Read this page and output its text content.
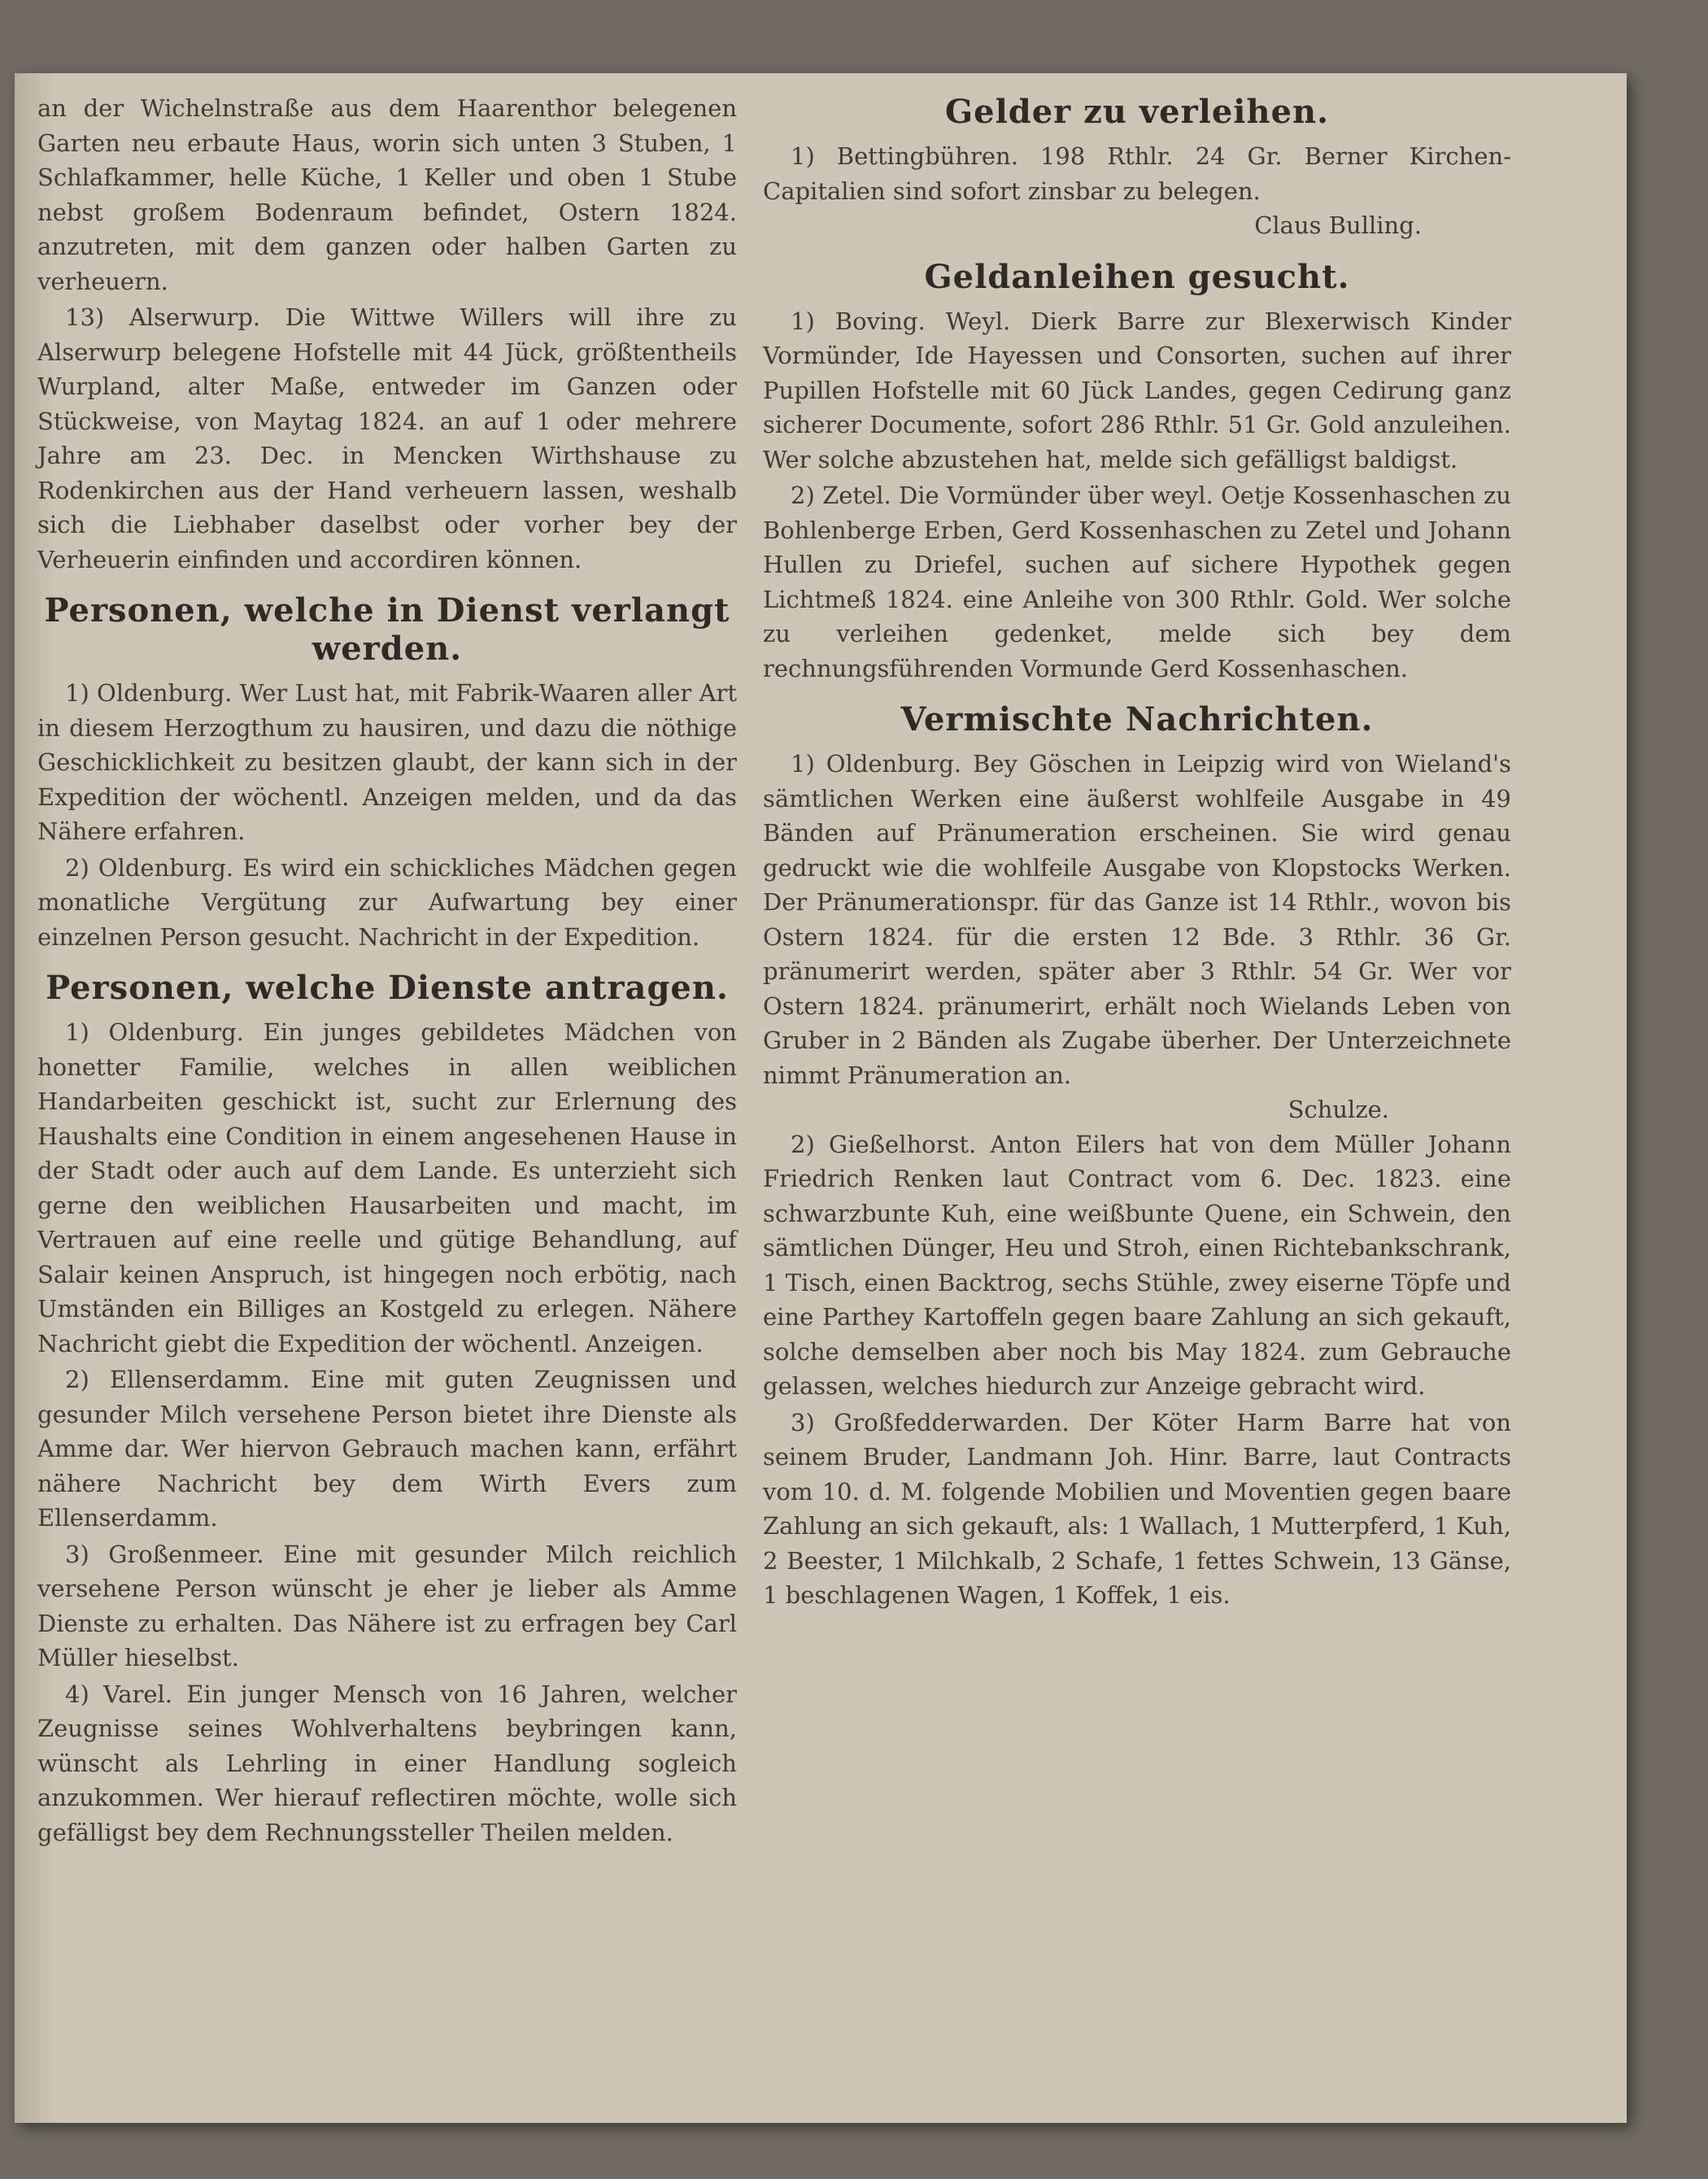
an der Wichelnstraße aus dem Haarenthor belegenen Garten neu erbaute Haus, worin sich unten 3 Stuben, 1 Schlafkammer, helle Küche, 1 Keller und oben 1 Stube nebst großem Bodenraum befindet, Ostern 1824. anzutreten, mit dem ganzen oder halben Garten zu verheuern.

13) Alserwurp. Die Wittwe Willers will ihre zu Alserwurp belegene Hofstelle mit 44 Jück, größtentheils Wurpland, alter Maße, entweder im Ganzen oder Stückweise, von Maytag 1824. an auf 1 oder mehrere Jahre am 23. Dec. in Mencken Wirthshause zu Rodenkirchen aus der Hand verheuern lassen, weshalb sich die Liebhaber daselbst oder vorher bey der Verheuerin einfinden und accordiren können.

Personen, welche in Dienst verlangt werden.

1) Oldenburg. Wer Lust hat, mit Fabrik-Waaren aller Art in diesem Herzogthum zu hausiren, und dazu die nöthige Geschicklichkeit zu besitzen glaubt, der kann sich in der Expedition der wöchentl. Anzeigen melden, und da das Nähere erfahren.

2) Oldenburg. Es wird ein schickliches Mädchen gegen monatliche Vergütung zur Aufwartung bey einer einzelnen Person gesucht. Nachricht in der Expedition.

Personen, welche Dienste antragen.

1) Oldenburg. Ein junges gebildetes Mädchen von honetter Familie, welches in allen weiblichen Handarbeiten geschickt ist, sucht zur Erlernung des Haushalts eine Condition in einem angesehenen Hause in der Stadt oder auch auf dem Lande. Es unterzieht sich gerne den weiblichen Hausarbeiten und macht, im Vertrauen auf eine reelle und gütige Behandlung, auf Salair keinen Anspruch, ist hingegen noch erbötig, nach Umständen ein Billiges an Kostgeld zu erlegen. Nähere Nachricht giebt die Expedition der wöchentl. Anzeigen.

2) Ellenserdamm. Eine mit guten Zeugnissen und gesunder Milch versehene Person bietet ihre Dienste als Amme dar. Wer hiervon Gebrauch machen kann, erfährt nähere Nachricht bey dem Wirth Evers zum Ellenserdamm.

3) Großenmeer. Eine mit gesunder Milch reichlich versehene Person wünscht je eher je lieber als Amme Dienste zu erhalten. Das Nähere ist zu erfragen bey Carl Müller hieselbst.

4) Varel. Ein junger Mensch von 16 Jahren, welcher Zeugnisse seines Wohlverhaltens beybringen kann, wünscht als Lehrling in einer Handlung sogleich anzukommen. Wer hierauf reflectiren möchte, wolle sich gefälligst bey dem Rechnungssteller Theilen melden.

Gelder zu verleihen.

1) Bettingbühren. 198 Rthlr. 24 Gr. Berner Kirchen-Capitalien sind sofort zinsbar zu belegen.

Claus Bulling.

Geldanleihen gesucht.

1) Boving. Weyl. Dierk Barre zur Blexerwisch Kinder Vormünder, Ide Hayessen und Consorten, suchen auf ihrer Pupillen Hofstelle mit 60 Jück Landes, gegen Cedirung ganz sicherer Documente, sofort 286 Rthlr. 51 Gr. Gold anzuleihen. Wer solche abzustehen hat, melde sich gefälligst baldigst.

2) Zetel. Die Vormünder über weyl. Oetje Kossenhaschen zu Bohlenberge Erben, Gerd Kossenhaschen zu Zetel und Johann Hullen zu Driefel, suchen auf sichere Hypothek gegen Lichtmeß 1824. eine Anleihe von 300 Rthlr. Gold. Wer solche zu verleihen gedenket, melde sich bey dem rechnungsführenden Vormunde Gerd Kossenhaschen.

Vermischte Nachrichten.

1) Oldenburg. Bey Göschen in Leipzig wird von Wieland's sämtlichen Werken eine äußerst wohlfeile Ausgabe in 49 Bänden auf Pränumeration erscheinen. Sie wird genau gedruckt wie die wohlfeile Ausgabe von Klopstocks Werken. Der Pränumerationspr. für das Ganze ist 14 Rthlr., wovon bis Ostern 1824. für die ersten 12 Bde. 3 Rthlr. 36 Gr. pränumerirt werden, später aber 3 Rthlr. 54 Gr. Wer vor Ostern 1824. pränumerirt, erhält noch Wielands Leben von Gruber in 2 Bänden als Zugabe überher. Der Unterzeichnete nimmt Pränumeration an.

Schulze.

2) Gießelhorst. Anton Eilers hat von dem Müller Johann Friedrich Renken laut Contract vom 6. Dec. 1823. eine schwarzbunte Kuh, eine weißbunte Quene, ein Schwein, den sämtlichen Dünger, Heu und Stroh, einen Richtebankschrank, 1 Tisch, einen Backtrog, sechs Stühle, zwey eiserne Töpfe und eine Parthey Kartoffeln gegen baare Zahlung an sich gekauft, solche demselben aber noch bis May 1824. zum Gebrauche gelassen, welches hiedurch zur Anzeige gebracht wird.

3) Großfedderwarden. Der Köter Harm Barre hat von seinem Bruder, Landmann Joh. Hinr. Barre, laut Contracts vom 10. d. M. folgende Mobilien und Moventien gegen baare Zahlung an sich gekauft, als: 1 Wallach, 1 Mutterpferd, 1 Kuh, 2 Beester, 1 Milchkalb, 2 Schafe, 1 fettes Schwein, 13 Gänse, 1 beschlagenen Wagen, 1 Koffek, 1 eis.
